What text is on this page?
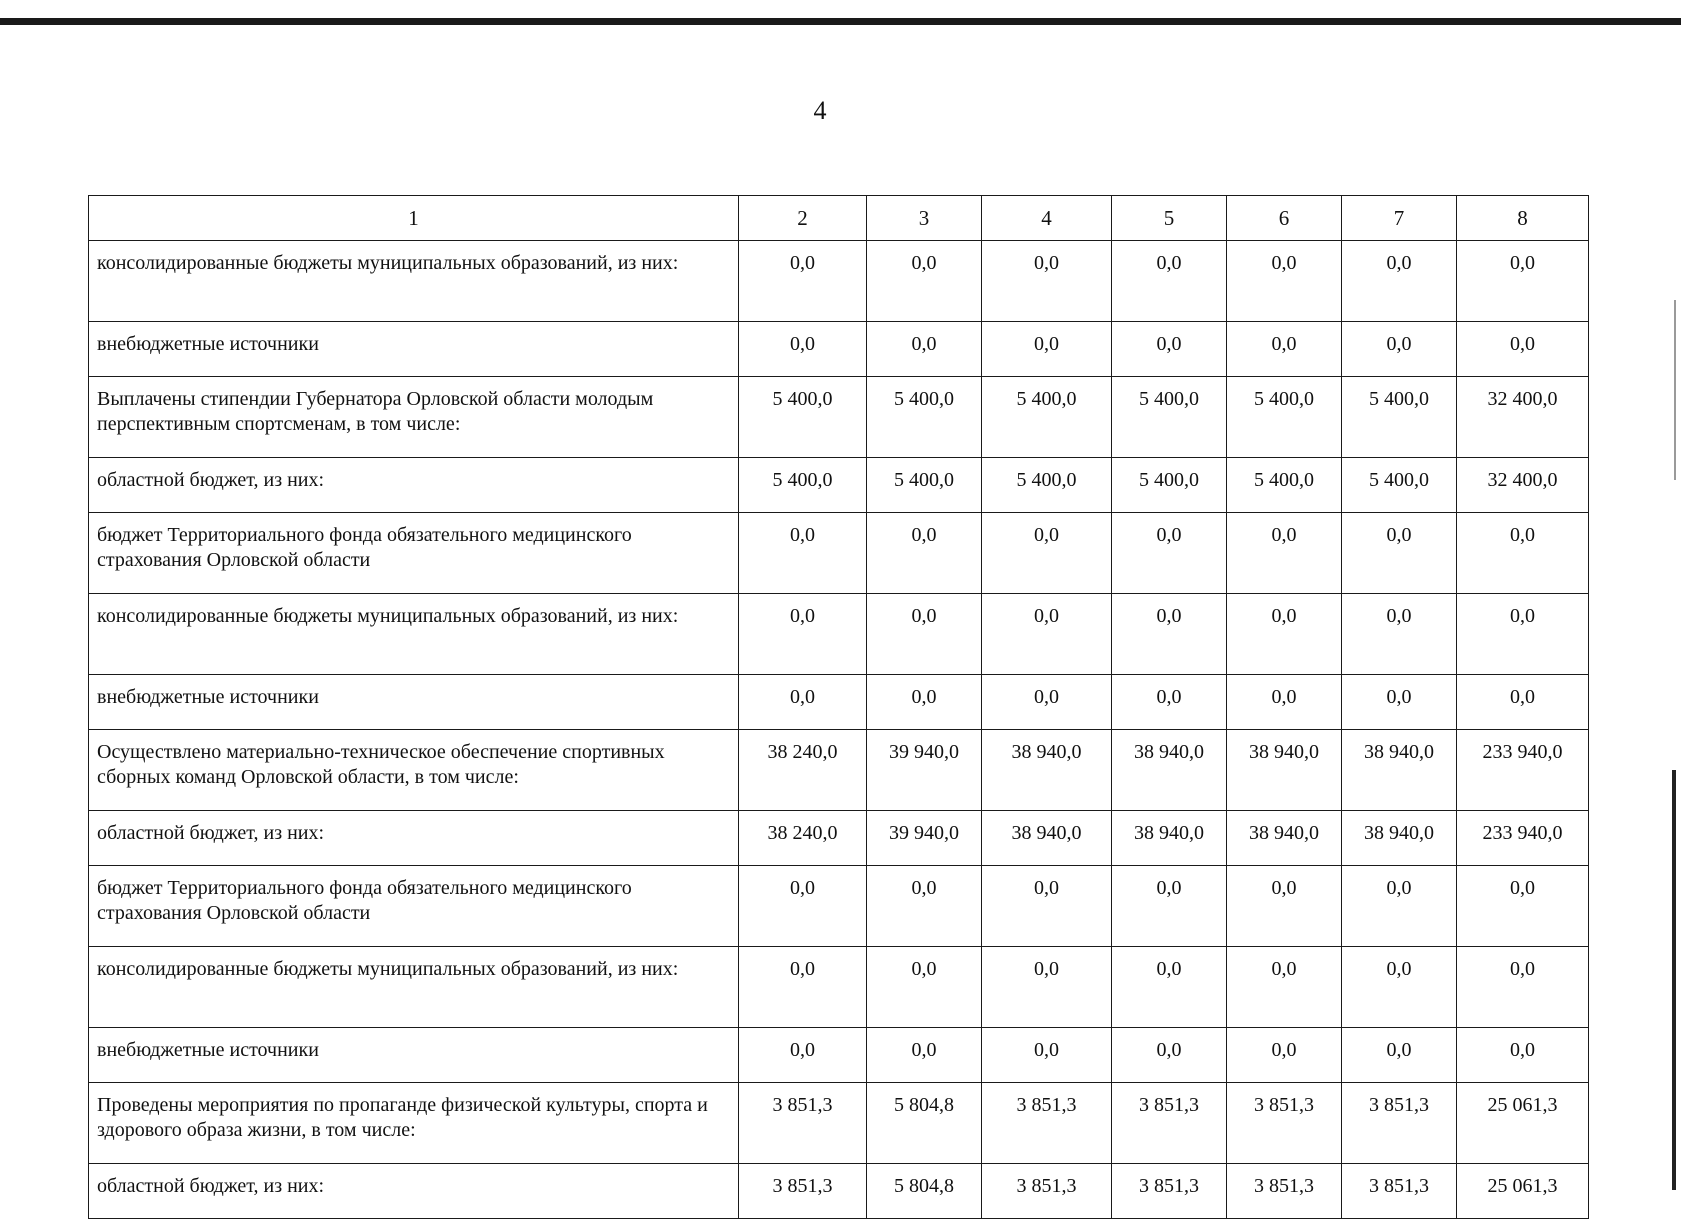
4
1	2	3	4	5	6	7	8
консолидированные бюджеты муниципальных образований, из них:	0,0	0,0	0,0	0,0	0,0	0,0	0,0
внебюджетные источники	0,0	0,0	0,0	0,0	0,0	0,0	0,0
Выплачены стипендии Губернатора Орловской области молодым перспективным спортсменам, в том числе:	5 400,0	5 400,0	5 400,0	5 400,0	5 400,0	5 400,0	32 400,0
областной бюджет, из них:	5 400,0	5 400,0	5 400,0	5 400,0	5 400,0	5 400,0	32 400,0
бюджет Территориального фонда обязательного медицинского страхования Орловской области	0,0	0,0	0,0	0,0	0,0	0,0	0,0
консолидированные бюджеты муниципальных образований, из них:	0,0	0,0	0,0	0,0	0,0	0,0	0,0
внебюджетные источники	0,0	0,0	0,0	0,0	0,0	0,0	0,0
Осуществлено материально-техническое обеспечение спортивных сборных команд Орловской области, в том числе:	38 240,0	39 940,0	38 940,0	38 940,0	38 940,0	38 940,0	233 940,0
областной бюджет, из них:	38 240,0	39 940,0	38 940,0	38 940,0	38 940,0	38 940,0	233 940,0
бюджет Территориального фонда обязательного медицинского страхования Орловской области	0,0	0,0	0,0	0,0	0,0	0,0	0,0
консолидированные бюджеты муниципальных образований, из них:	0,0	0,0	0,0	0,0	0,0	0,0	0,0
внебюджетные источники	0,0	0,0	0,0	0,0	0,0	0,0	0,0
Проведены мероприятия по пропаганде физической культуры, спорта и здорового образа жизни, в том числе:	3 851,3	5 804,8	3 851,3	3 851,3	3 851,3	3 851,3	25 061,3
областной бюджет, из них:	3 851,3	5 804,8	3 851,3	3 851,3	3 851,3	3 851,3	25 061,3
